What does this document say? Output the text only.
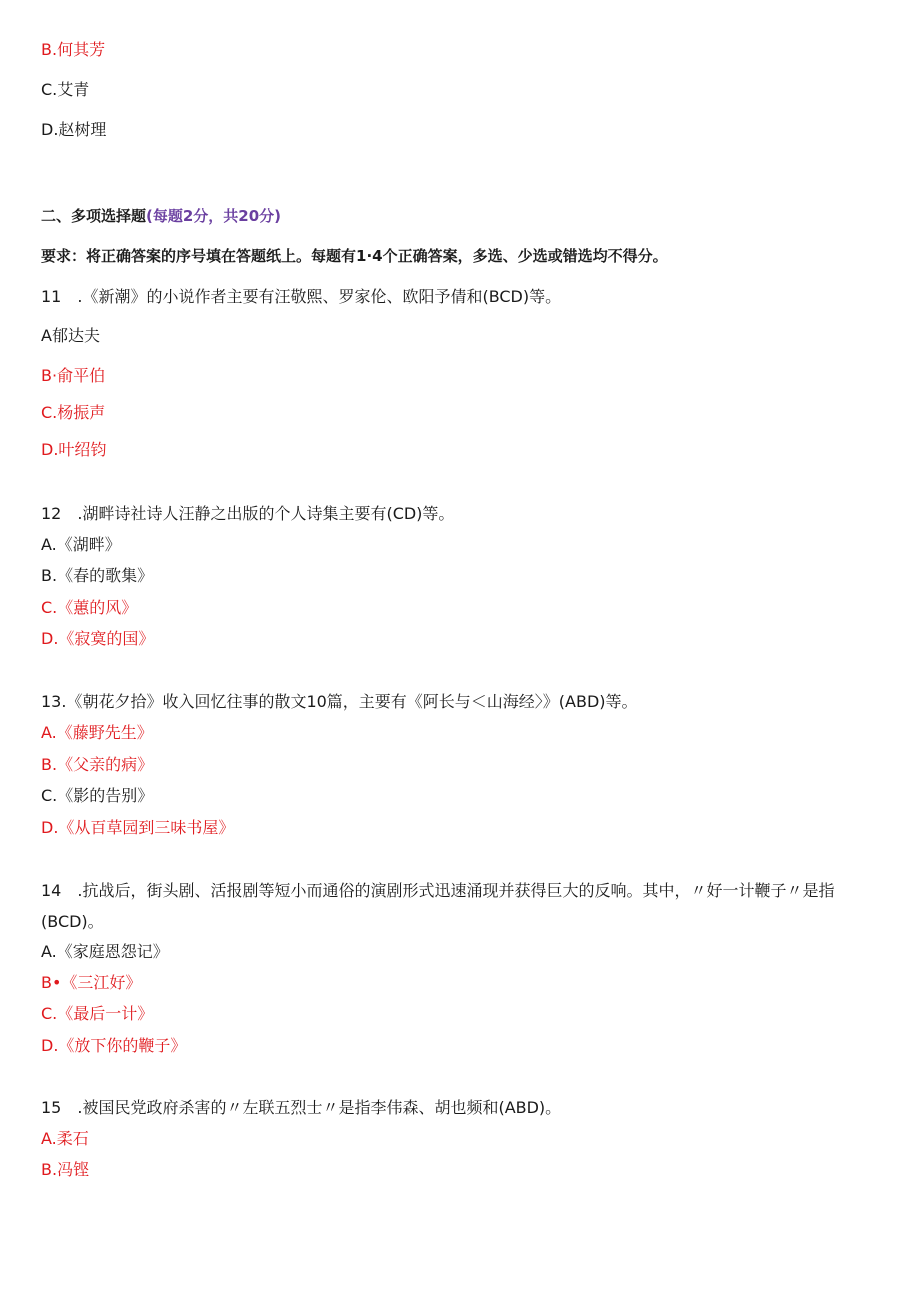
B.何其芳
C.艾青
D.赵树理
二、多项选择题(每题2分，共20分)
要求：将正确答案的序号填在答题纸上。每题有1·4个正确答案，多选、少选或错选均不得分。
11　.《新潮》的小说作者主要有汪敬熙、罗家伦、欧阳予倩和(BCD)等。
A郁达夫
B·俞平伯
C.杨振声
D.叶绍钧
12　.湖畔诗社诗人汪静之出版的个人诗集主要有(CD)等。
A.《湖畔》
B.《春的歌集》
C.《蕙的风》
D.《寂寞的国》
13.《朝花夕拾》收入回忆往事的散文10篇，主要有《阿长与＜山海经〉》(ABD)等。
A.《藤野先生》
B.《父亲的病》
C.《影的告别》
D.《从百草园到三味书屋》
14　.抗战后，街头剧、活报剧等短小而通俗的演剧形式迅速涌现并获得巨大的反响。其中，〃好一计鞭子〃是指(BCD)。
A.《家庭恩怨记》
B•《三江好》
C.《最后一计》
D.《放下你的鞭子》
15　.被国民党政府杀害的〃左联五烈士〃是指李伟森、胡也频和(ABD)。
A.柔石
B.冯铿
